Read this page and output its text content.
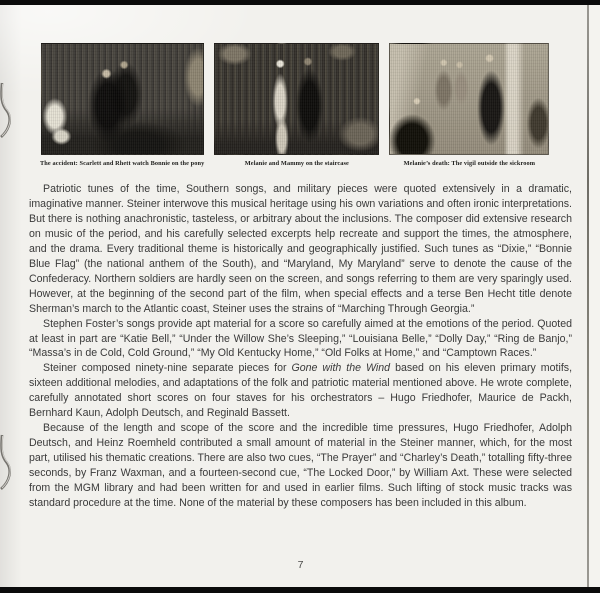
The accident: Scarlett and Rhett watch Bonnie on the pony	Melanie and Mammy on the staircase	Melanie’s death: The vigil outside the sickroom

Patriotic tunes of the time, Southern songs, and military pieces were quoted extensively in a dramatic, imaginative manner. Steiner interwove this musical heritage using his own variations and often ironic interpretations. But there is nothing anachronistic, tasteless, or arbitrary about the inclusions. The composer did extensive research on music of the period, and his carefully selected excerpts help recreate and support the times, the atmosphere, and the drama. Every traditional theme is historically and geographically justified. Such tunes as “Dixie,” “Bonnie Blue Flag” (the national anthem of the South), and “Maryland, My Maryland” serve to denote the cause of the Confederacy. Northern soldiers are hardly seen on the screen, and songs referring to them are very sparingly used. However, at the beginning of the second part of the film, when special effects and a terse Ben Hecht title denote Sherman’s march to the Atlantic coast, Steiner uses the strains of “Marching Through Georgia.”

Stephen Foster’s songs provide apt material for a score so carefully aimed at the emotions of the period. Quoted at least in part are “Katie Bell,” “Under the Willow She’s Sleeping,” “Louisiana Belle,” “Dolly Day,” “Ring de Banjo,” “Massa’s in de Cold, Cold Ground,” “My Old Kentucky Home,” “Old Folks at Home,” and “Camptown Races.”

Steiner composed ninety-nine separate pieces for Gone with the Wind based on his eleven primary motifs, sixteen additional melodies, and adaptations of the folk and patriotic material mentioned above. He wrote complete, carefully annotated short scores on four staves for his orchestrators – Hugo Friedhofer, Maurice de Packh, Bernhard Kaun, Adolph Deutsch, and Reginald Bassett.

Because of the length and scope of the score and the incredible time pressures, Hugo Friedhofer, Adolph Deutsch, and Heinz Roemheld contributed a small amount of material in the Steiner manner, which, for the most part, utilised his thematic creations. There are also two cues, “The Prayer” and “Charley’s Death,” totalling fifty-three seconds, by Franz Waxman, and a fourteen-second cue, “The Locked Door,” by William Axt. These were selected from the MGM library and had been written for and used in earlier films. Such lifting of stock music tracks was standard procedure at the time. None of the material by these composers has been included in this album.

7
